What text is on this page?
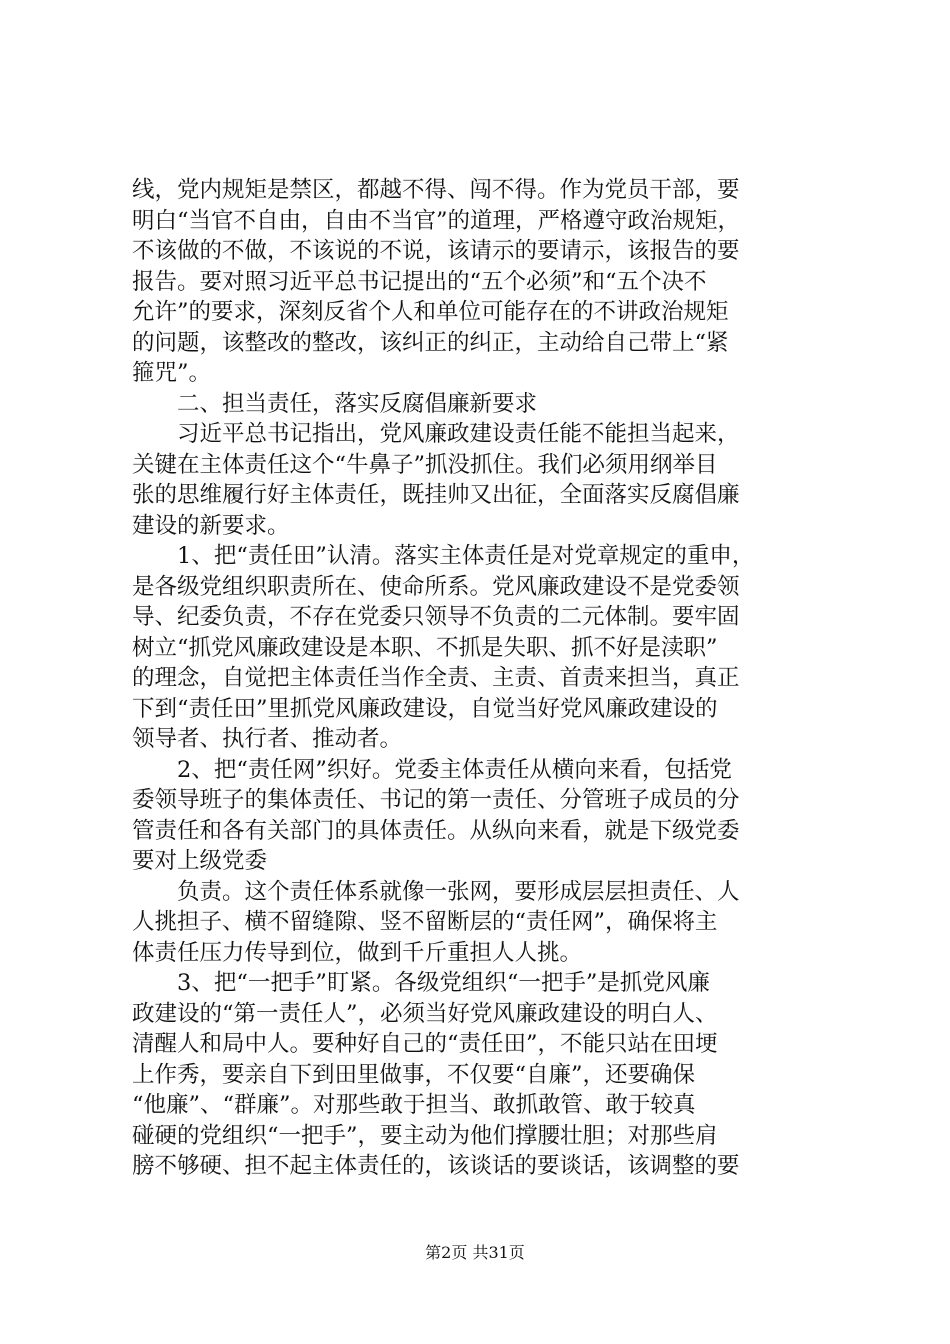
线，党内规矩是禁区，都越不得、闯不得。作为党员干部，要
明白“当官不自由，自由不当官”的道理，严格遵守政治规矩，
不该做的不做，不该说的不说，该请示的要请示，该报告的要
报告。要对照习近平总书记提出的“五个必须”和“五个决不
允许”的要求，深刻反省个人和单位可能存在的不讲政治规矩
的问题，该整改的整改，该纠正的纠正，主动给自己带上“紧
箍咒”。
　　二、担当责任，落实反腐倡廉新要求
　　习近平总书记指出，党风廉政建设责任能不能担当起来，
关键在主体责任这个“牛鼻子”抓没抓住。我们必须用纲举目
张的思维履行好主体责任，既挂帅又出征，全面落实反腐倡廉
建设的新要求。
　　1、把“责任田”认清。落实主体责任是对党章规定的重申，
是各级党组织职责所在、使命所系。党风廉政建设不是党委领
导、纪委负责，不存在党委只领导不负责的二元体制。要牢固
树立“抓党风廉政建设是本职、不抓是失职、抓不好是渎职”
的理念，自觉把主体责任当作全责、主责、首责来担当，真正
下到“责任田”里抓党风廉政建设，自觉当好党风廉政建设的
领导者、执行者、推动者。
　　2、把“责任网”织好。党委主体责任从横向来看，包括党
委领导班子的集体责任、书记的第一责任、分管班子成员的分
管责任和各有关部门的具体责任。从纵向来看，就是下级党委
要对上级党委
　　负责。这个责任体系就像一张网，要形成层层担责任、人
人挑担子、横不留缝隙、竖不留断层的“责任网”，确保将主
体责任压力传导到位，做到千斤重担人人挑。
　　3、把“一把手”盯紧。各级党组织“一把手”是抓党风廉
政建设的“第一责任人”，必须当好党风廉政建设的明白人、
清醒人和局中人。要种好自己的“责任田”，不能只站在田埂
上作秀，要亲自下到田里做事，不仅要“自廉”，还要确保
“他廉”、“群廉”。对那些敢于担当、敢抓敢管、敢于较真
碰硬的党组织“一把手”，要主动为他们撑腰壮胆；对那些肩
膀不够硬、担不起主体责任的，该谈话的要谈话，该调整的要
第2页 共31页
